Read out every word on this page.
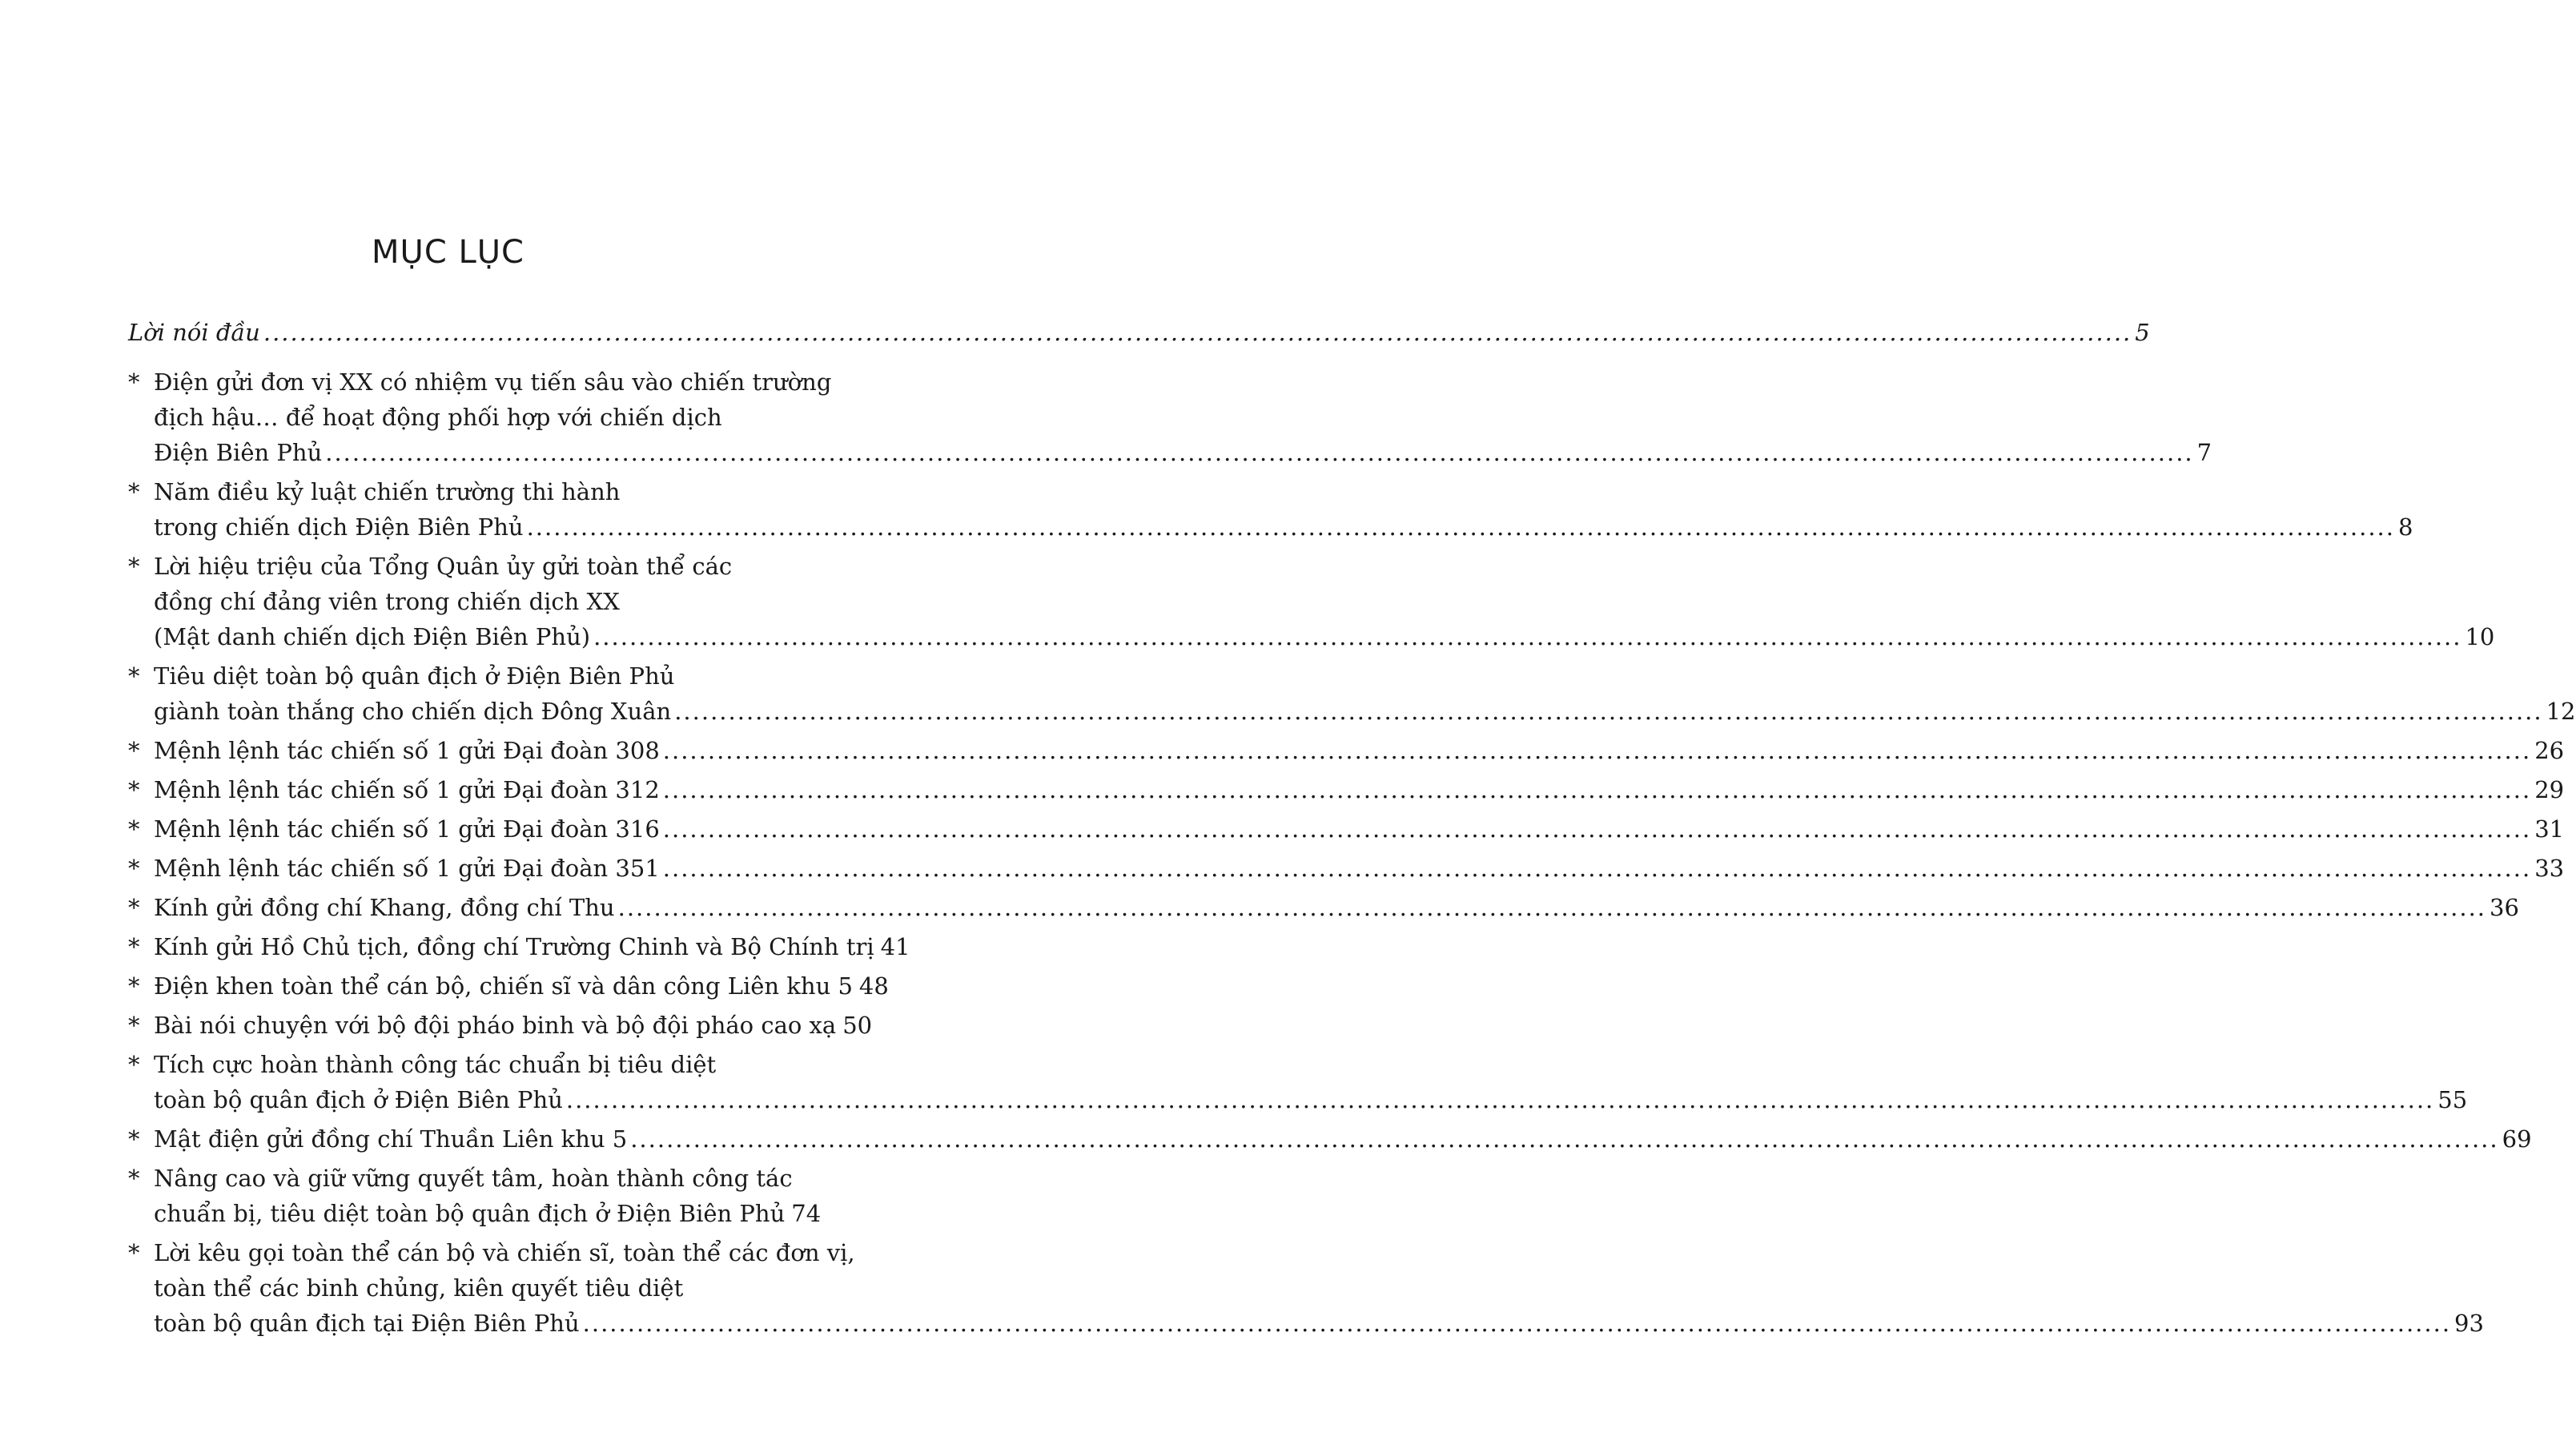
MỤC LỤC
Lời nói đầu .....	5
* Điện gửi đơn vị XX có nhiệm vụ tiến sâu vào chiến trường
địch hậu… để hoạt động phối hợp với chiến dịch
Điện Biên Phủ .....	7
* Năm điều kỷ luật chiến trường thi hành
trong chiến dịch Điện Biên Phủ .....	8
* Lời hiệu triệu của Tổng Quân ủy gửi toàn thể các
đồng chí đảng viên trong chiến dịch XX
(Mật danh chiến dịch Điện Biên Phủ) .....	10
* Tiêu diệt toàn bộ quân địch ở Điện Biên Phủ
giành toàn thắng cho chiến dịch Đông Xuân .....	12
* Mệnh lệnh tác chiến số 1 gửi Đại đoàn 308 .....	26
* Mệnh lệnh tác chiến số 1 gửi Đại đoàn 312 .....	29
* Mệnh lệnh tác chiến số 1 gửi Đại đoàn 316 .....	31
* Mệnh lệnh tác chiến số 1 gửi Đại đoàn 351 .....	33
* Kính gửi đồng chí Khang, đồng chí Thu .....	36
* Kính gửi Hồ Chủ tịch, đồng chí Trường Chinh và Bộ Chính trị 41
* Điện khen toàn thể cán bộ, chiến sĩ và dân công Liên khu 5 48
* Bài nói chuyện với bộ đội pháo binh và bộ đội pháo cao xạ 50
* Tích cực hoàn thành công tác chuẩn bị tiêu diệt
toàn bộ quân địch ở Điện Biên Phủ .....	55
* Mật điện gửi đồng chí Thuần Liên khu 5 .....	69
* Nâng cao và giữ vững quyết tâm, hoàn thành công tác
chuẩn bị, tiêu diệt toàn bộ quân địch ở Điện Biên Phủ 74
* Lời kêu gọi toàn thể cán bộ và chiến sĩ, toàn thể các đơn vị,
toàn thể các binh chủng, kiên quyết tiêu diệt
toàn bộ quân địch tại Điện Biên Phủ .....	93
